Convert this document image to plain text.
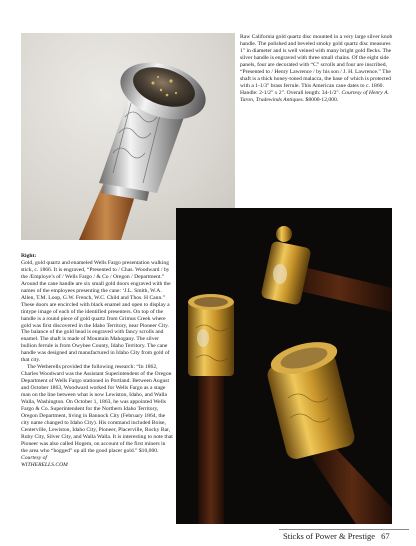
Raw California gold quartz disc mounted in a very large silver knob handle. The polished and beveled smoky gold quartz disc measures 1" in diameter and is well veined with many bright gold flecks. The silver handle is engraved with three small chains. Of the eight side panels, four are decorated with “C” scrolls and four are inscribed, “Presented to / Henry Lawrence / by his son / J. H. Lawrence.” The shaft is a thick honey-toned malacca, the base of which is protected with a 1-1/3" brass ferrule. This American cane dates to c. 1860. Handle: 2-1/2" x 2". Overall length: 34-1/2". Courtesy of Henry A. Taron, Tradewinds Antiques. $8000-12,000.
Right:
Gold, gold quartz and enameled Wells Fargo presentation walking stick, c. 1866. It is engraved, “Presented to / Chas. Woodward / by the /Employe’s of / Wells Fargo / & Co / Oregon / Department.” Around the cane handle are six small gold doors engraved with the names of the employees presenting the cane: ‘J.L. Smith, W.A. Allen, T.M. Loop, G.W. French, W.C. Child and Thos. H Cann.” These doors are encircled with black enamel and open to display a tintype image of each of the identified presenters. On top of the handle is a round piece of gold quartz from Grimus Creek where gold was first discovered in the Idaho Territory, near Pioneer City. The balance of the gold head is engraved with fancy scrolls and enamel. The shaft is made of Mountain Mahogany. The silver bullion ferrule is from Owyhee County, Idaho Territory. The cane handle was designed and manufactured in Idaho City from gold of that city.
The Wetherells provided the following research: “In 1862, Charles Woodward was the Assistant Superintendent of the Oregon Department of Wells Fargo stationed in Portland. Between August and October 1863, Woodward worked for Wells Fargo as a stage man on the line between what is now Lewiston, Idaho, and Walla Walla, Washington. On October 1, 1863, he was appointed Wells Fargo & Co. Superintendent for the Northern Idaho Territory, Oregon Department, living in Bannock City (February 1864, the city name changed to Idaho City). His command included Boise, Centerville, Lewiston, Idaho City, Pioneer, Placerville, Rocky Bar, Ruby City, Silver City, and Walla Walla. It is interesting to note that Pioneer was also called Hogem, on account of the first miners in the area who “hogged” up all the good placer gold.” $10,000. Courtesy of
WITHERELLS.COM
Sticks of Power & Prestige 67
